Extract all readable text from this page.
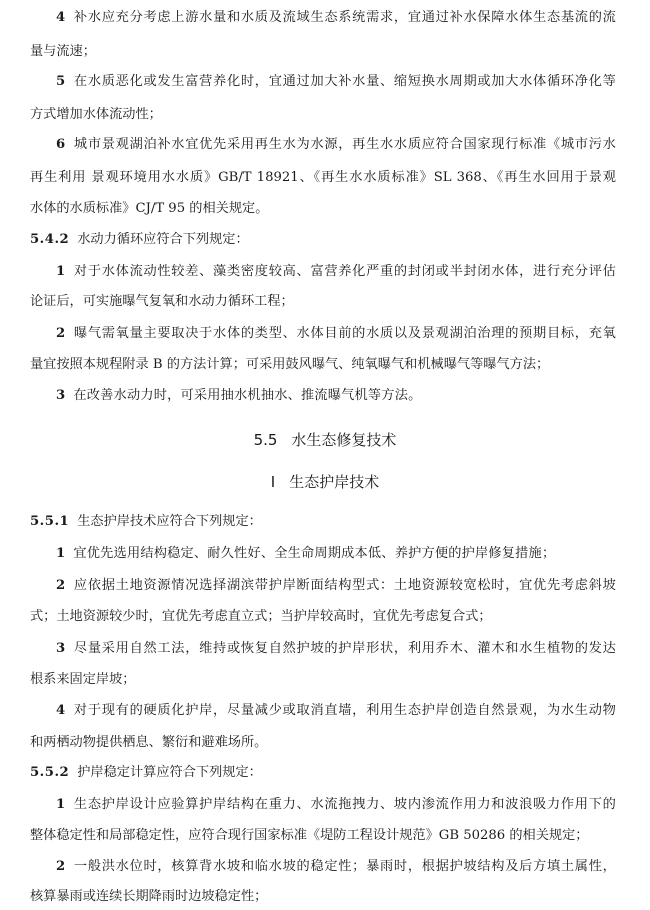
4 补水应充分考虑上游水量和水质及流域生态系统需求，宜通过补水保障水体生态基流的流
量与流速；
5 在水质恶化或发生富营养化时，宜通过加大补水量、缩短换水周期或加大水体循环净化等
方式增加水体流动性；
6 城市景观湖泊补水宜优先采用再生水为水源，再生水水质应符合国家现行标准《城市污水
再生利用 景观环境用水水质》GB/T 18921、《再生水水质标准》SL 368、《再生水回用于景观
水体的水质标准》CJ/T 95 的相关规定。
5.4.2 水动力循环应符合下列规定：
1 对于水体流动性较差、藻类密度较高、富营养化严重的封闭或半封闭水体，进行充分评估
论证后，可实施曝气复氧和水动力循环工程；
2 曝气需氧量主要取决于水体的类型、水体目前的水质以及景观湖泊治理的预期目标，充氧
量宜按照本规程附录 B 的方法计算；可采用鼓风曝气、纯氧曝气和机械曝气等曝气方法；
3 在改善水动力时，可采用抽水机抽水、推流曝气机等方法。
5.5 水生态修复技术
I 生态护岸技术
5.5.1 生态护岸技术应符合下列规定：
1 宜优先选用结构稳定、耐久性好、全生命周期成本低、养护方便的护岸修复措施；
2 应依据土地资源情况选择湖滨带护岸断面结构型式：土地资源较宽松时，宜优先考虑斜坡
式；土地资源较少时，宜优先考虑直立式；当护岸较高时，宜优先考虑复合式；
3 尽量采用自然工法，维持或恢复自然护坡的护岸形状，利用乔木、灌木和水生植物的发达
根系来固定岸坡；
4 对于现有的硬质化护岸，尽量减少或取消直墙，利用生态护岸创造自然景观，为水生动物
和两栖动物提供栖息、繁衍和避难场所。
5.5.2 护岸稳定计算应符合下列规定：
1 生态护岸设计应验算护岸结构在重力、水流拖拽力、坡内渗流作用力和波浪吸力作用下的
整体稳定性和局部稳定性，应符合现行国家标准《堤防工程设计规范》GB 50286 的相关规定；
2 一般洪水位时，核算背水坡和临水坡的稳定性；暴雨时，根据护坡结构及后方填土属性，
核算暴雨或连续长期降雨时边坡稳定性；
